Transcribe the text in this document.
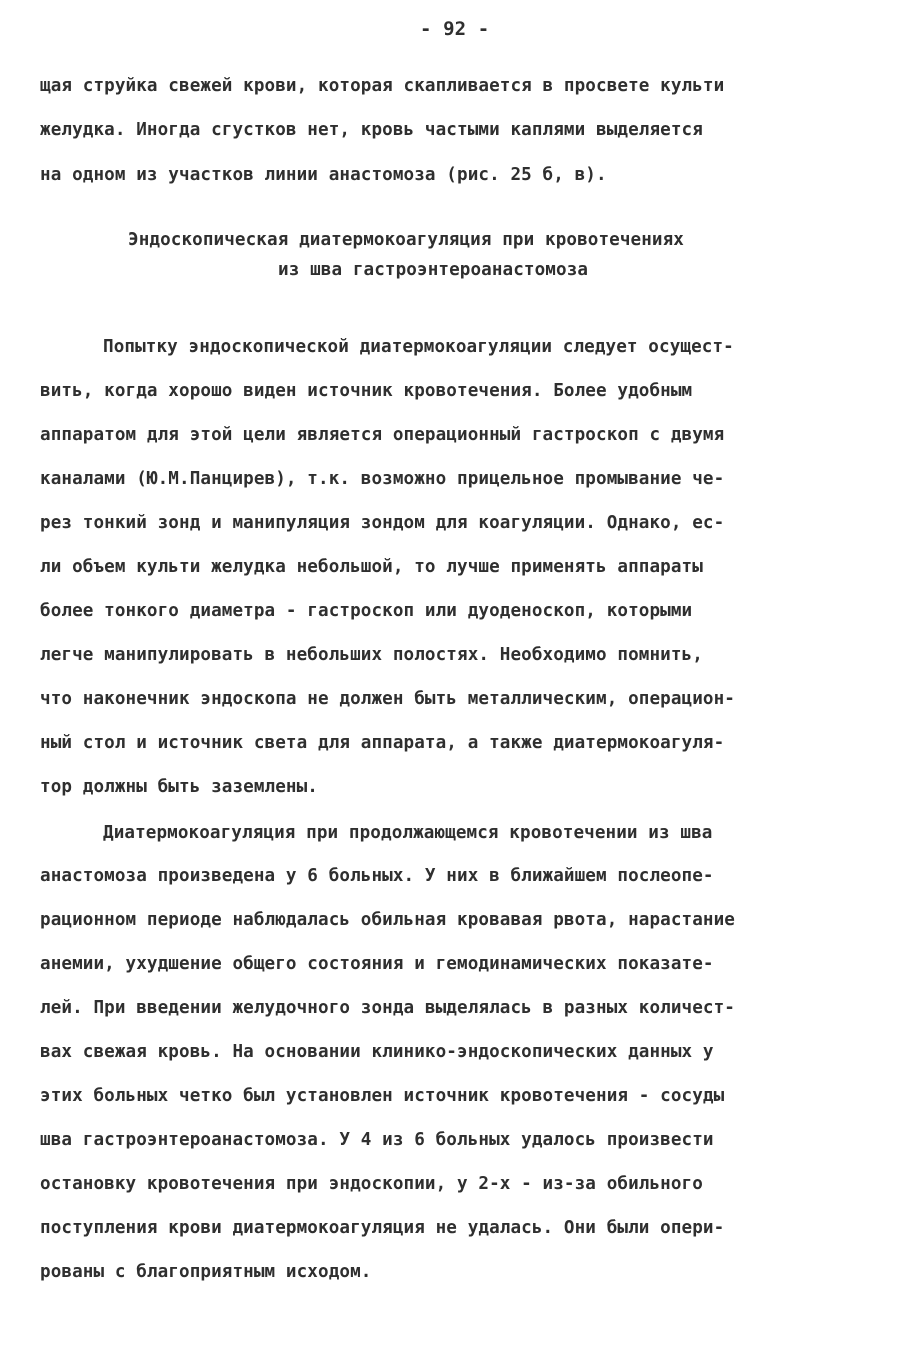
- 92 -
щая струйка свежей крови, которая скапливается в просвете культи
желудка. Иногда сгустков нет, кровь частыми каплями выделяется
на одном из участков линии анастомоза (рис. 25 б, в).
Эндоскопическая диатермокоагуляция при кровотечениях
из шва гастроэнтероанастомоза
Попытку эндоскопической диатермокоагуляции следует осущест-
вить, когда хорошо виден источник кровотечения. Более удобным
аппаратом для этой цели является операционный гастроскоп с двумя
каналами (Ю.М.Панцирев), т.к. возможно прицельное промывание че-
рез тонкий зонд и манипуляция зондом для коагуляции. Однако, ес-
ли объем культи желудка небольшой, то лучше применять аппараты
более тонкого диаметра - гастроскоп или дуоденоскоп, которыми
легче манипулировать в небольших полостях. Необходимо помнить,
что наконечник эндоскопа не должен быть металлическим, операцион-
ный стол и источник света для аппарата, а также диатермокоагуля-
тор должны быть заземлены.
Диатермокоагуляция при продолжающемся кровотечении из шва
анастомоза произведена у 6 больных. У них в ближайшем послеопе-
рационном периоде наблюдалась обильная кровавая рвота, нарастание
анемии, ухудшение общего состояния и гемодинамических показате-
лей. При введении желудочного зонда выделялась в разных количест-
вах свежая кровь. На основании клинико-эндоскопических данных у
этих больных четко был установлен источник кровотечения - сосуды
шва гастроэнтероанастомоза. У 4 из 6 больных удалось произвести
остановку кровотечения при эндоскопии, у 2-х - из-за обильного
поступления крови диатермокоагуляция не удалась. Они были опери-
рованы с благоприятным исходом.
